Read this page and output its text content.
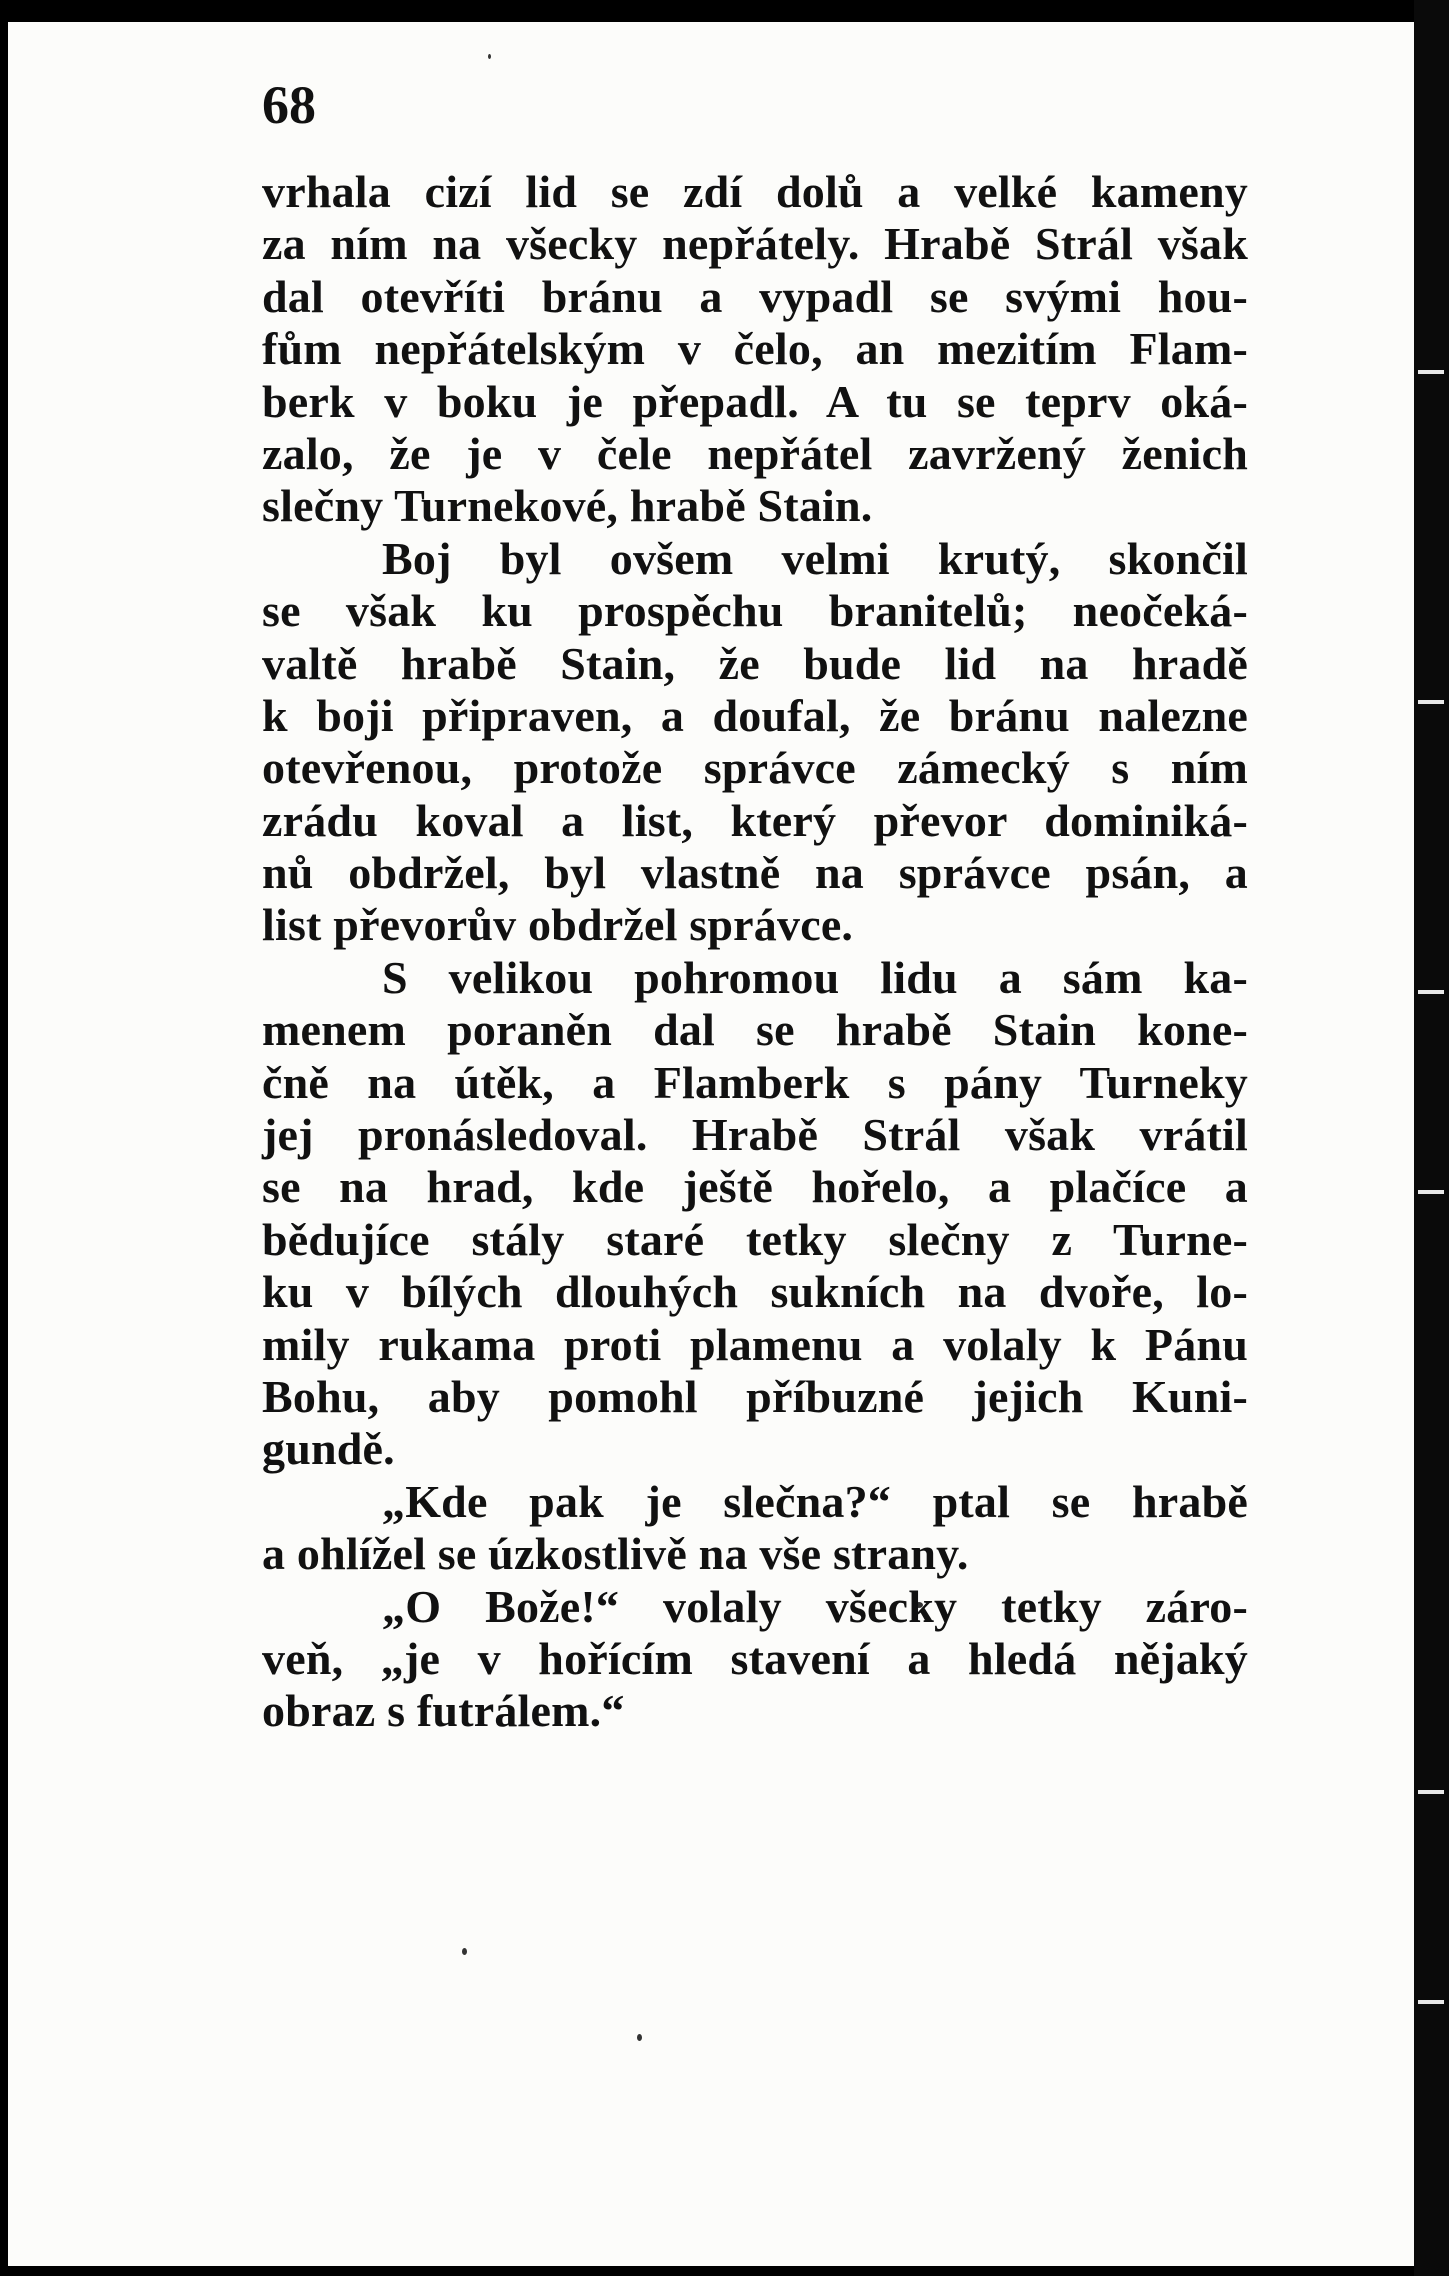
68
vrhala cizí lid se zdí dolů a velké kameny
za ním na všecky nepřátely. Hrabě Strál však
dal otevříti bránu a vypadl se svými hou-
fům nepřátelským v čelo, an mezitím Flam-
berk v boku je přepadl. A tu se teprv oká-
zalo, že je v čele nepřátel zavržený ženich
slečny Turnekové, hrabě Stain.
Boj byl ovšem velmi krutý, skončil
se však ku prospěchu branitelů; neočeká-
valtě hrabě Stain, že bude lid na hradě
k boji připraven, a doufal, že bránu nalezne
otevřenou, protože správce zámecký s ním
zrádu koval a list, který převor dominiká-
nů obdržel, byl vlastně na správce psán, a
list převorův obdržel správce.
S velikou pohromou lidu a sám ka-
menem poraněn dal se hrabě Stain kone-
čně na útěk, a Flamberk s pány Turneky
jej pronásledoval. Hrabě Strál však vrátil
se na hrad, kde ještě hořelo, a plačíce a
bědujíce stály staré tetky slečny z Turne-
ku v bílých dlouhých sukních na dvoře, lo-
mily rukama proti plamenu a volaly k Pánu
Bohu, aby pomohl příbuzné jejich Kuni-
gundě.
„Kde pak je slečna?“ ptal se hrabě
a ohlížel se úzkostlivě na vše strany.
„O Bože!“ volaly všecky tetky záro-
veň, „je v hořícím stavení a hledá nějaký
obraz s futrálem.“
